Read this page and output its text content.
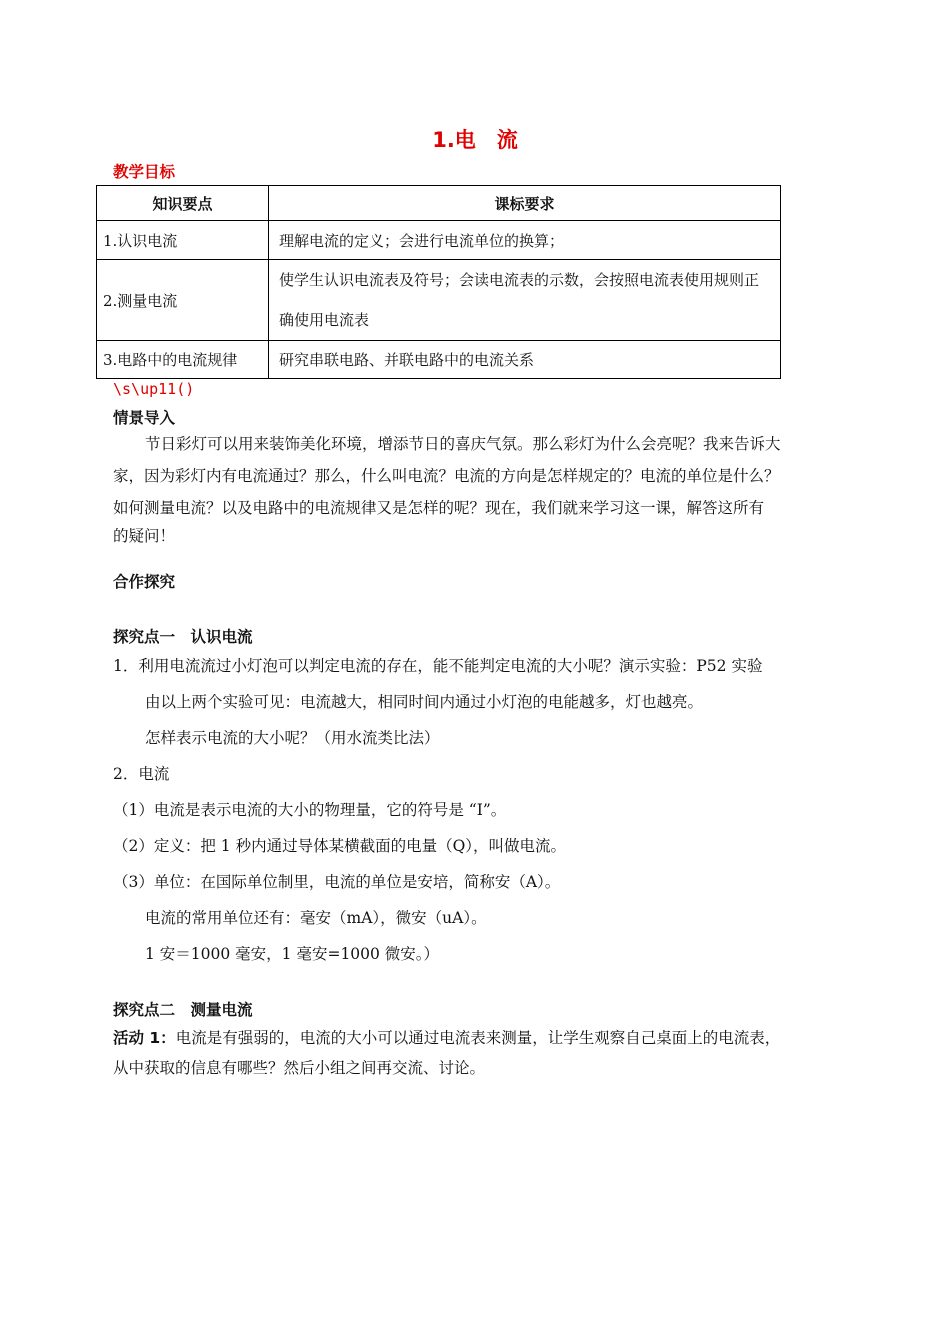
1.电　流
教学目标
知识要点	课标要求
1.认识电流	理解电流的定义；会进行电流单位的换算；
2.测量电流	使学生认识电流表及符号；会读电流表的示数，会按照电流表使用规则正确使用电流表
3.电路中的电流规律	研究串联电路、并联电路中的电流关系
\s\up11()
情景导入
节日彩灯可以用来装饰美化环境，增添节日的喜庆气氛。那么彩灯为什么会亮呢？我来告诉大
家，因为彩灯内有电流通过？那么，什么叫电流？电流的方向是怎样规定的？电流的单位是什么？
如何测量电流？以及电路中的电流规律又是怎样的呢？现在，我们就来学习这一课，解答这所有
的疑问！
合作探究
探究点一　认识电流
1．利用电流流过小灯泡可以判定电流的存在，能不能判定电流的大小呢？演示实验：P52 实验
由以上两个实验可见：电流越大，相同时间内通过小灯泡的电能越多，灯也越亮。
怎样表示电流的大小呢？（用水流类比法）
2．电流
（1）电流是表示电流的大小的物理量，它的符号是 “I”。
（2）定义：把 1 秒内通过导体某横截面的电量（Q），叫做电流。
（3）单位：在国际单位制里，电流的单位是安培，简称安（A）。
电流的常用单位还有：毫安（mA），微安（uA）。
1 安＝1000 毫安，1 毫安=1000 微安。）
探究点二　测量电流
活动 1：电流是有强弱的，电流的大小可以通过电流表来测量，让学生观察自己桌面上的电流表，
从中获取的信息有哪些？然后小组之间再交流、讨论。
